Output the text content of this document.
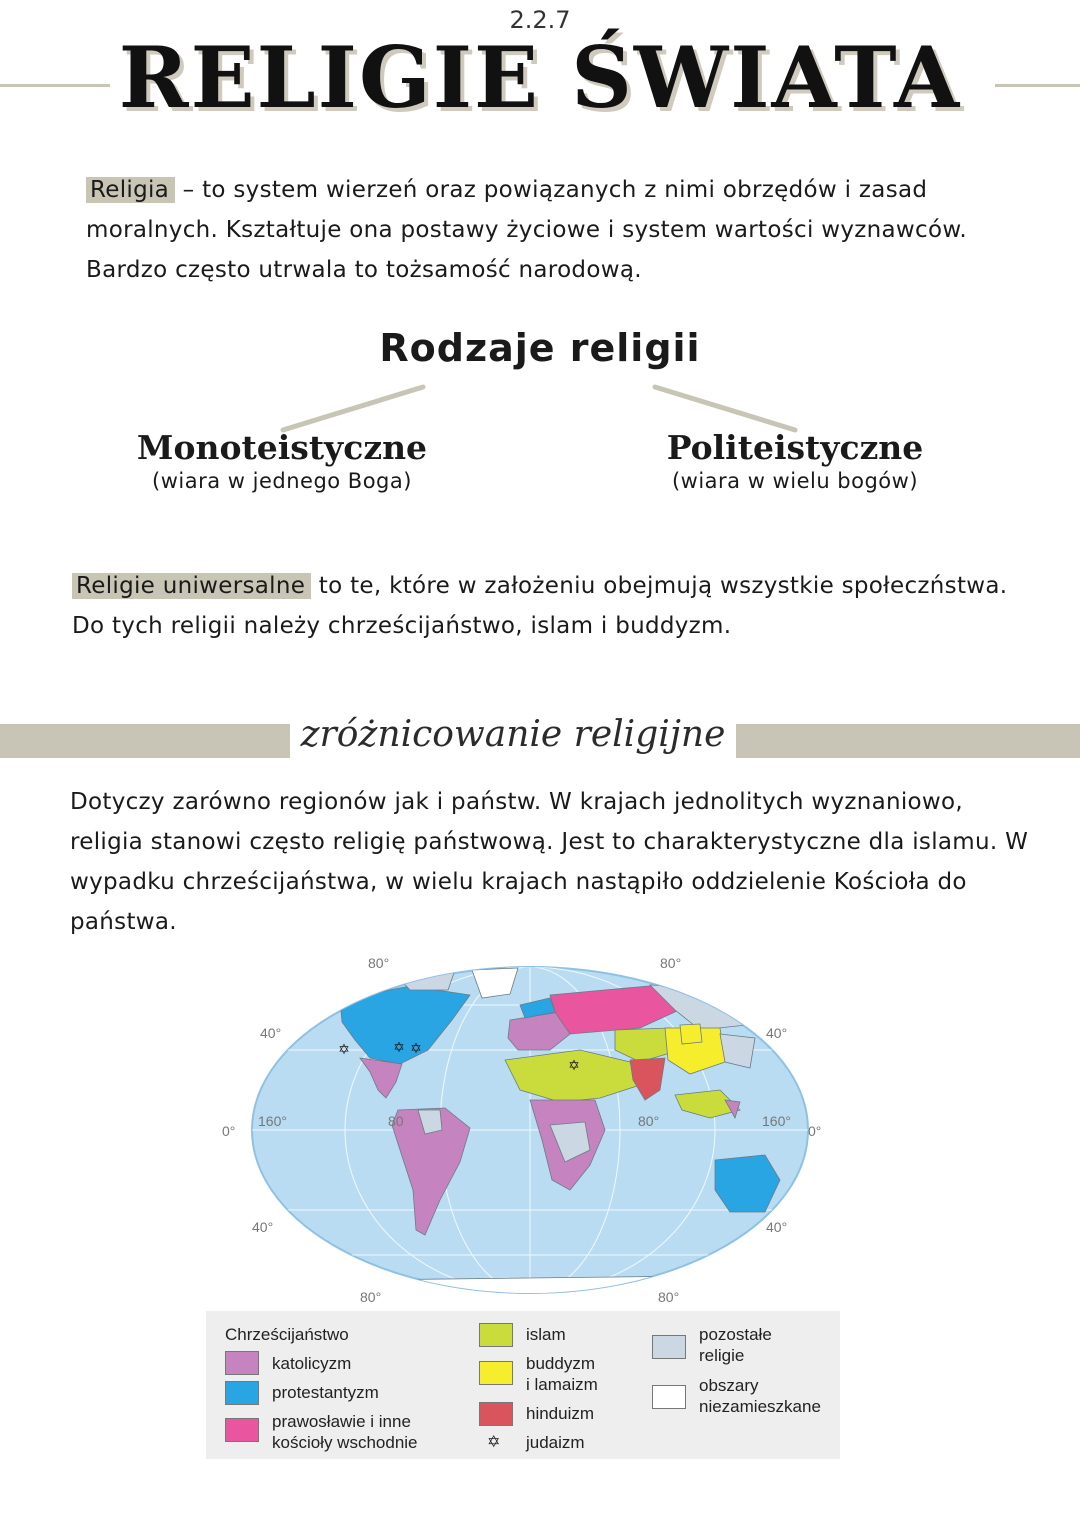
2.2.7
RELIGIE ŚWIATA
Religia – to system wierzeń oraz powiązanych z nimi obrzędów i zasad moralnych. Kształtuje ona postawy życiowe i system wartości wyznawców. Bardzo często utrwala to tożsamość narodową.
Rodzaje religii
Monoteistyczne
(wiara w jednego Boga)
Politeistyczne
(wiara w wielu bogów)
Religie uniwersalne to te, które w założeniu obejmują wszystkie społeczństwa. Do tych religii należy chrześcijaństwo, islam i buddyzm.
zróżnicowanie religijne
Dotyczy zarówno regionów jak i państw. W krajach jednolitych wyznaniowo, religia stanowi często religię państwową. Jest to charakterystyczne dla islamu. W wypadku chrześcijaństwa, w wielu krajach nastąpiło oddzielenie Kościoła do państwa.
✡	✡ ✡
✡
80°	80°
40°	40°
0°	0°
160°	80	80°	160°
40°	40°
80°	80°
Chrześcijaństwo
katolicyzm
protestantyzm
prawosławie i inne
kościoły wschodnie
islam
buddyzm
i lamaizm
hinduizm
✡ judaizm
pozostałe
religie
obszary
niezamieszkane
